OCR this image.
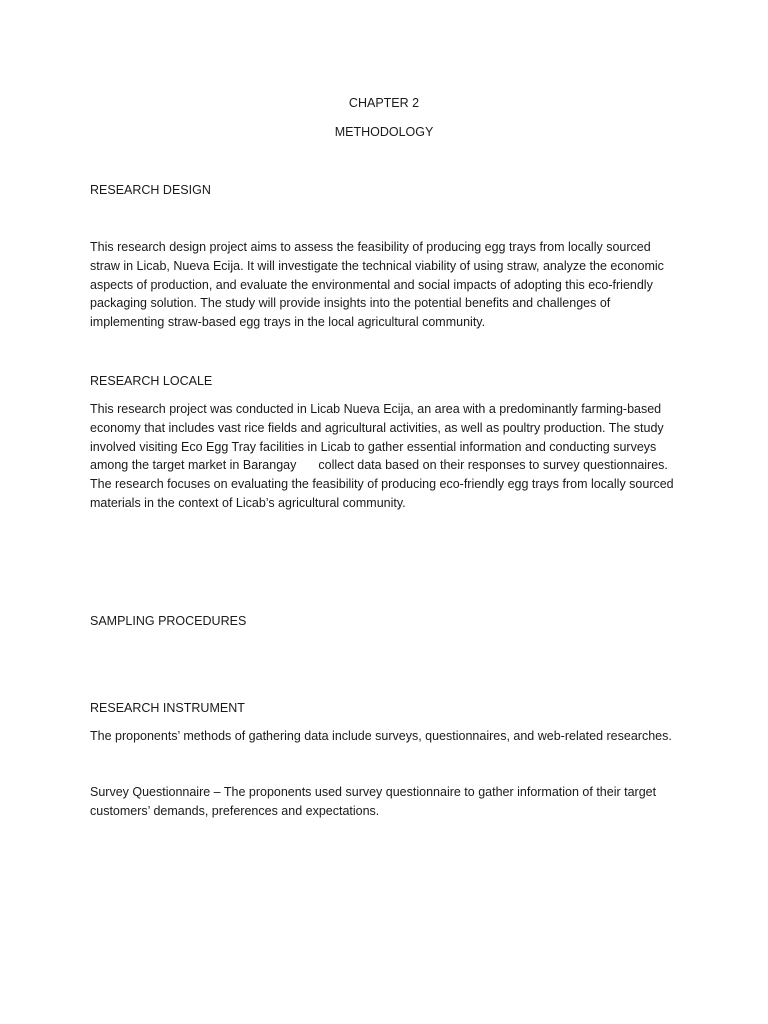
CHAPTER 2
METHODOLOGY
RESEARCH DESIGN

This research design project aims to assess the feasibility of producing egg trays from locally sourced straw in Licab, Nueva Ecija. It will investigate the technical viability of using straw, analyze the economic aspects of production, and evaluate the environmental and social impacts of adopting this eco-friendly packaging solution. The study will provide insights into the potential benefits and challenges of implementing straw-based egg trays in the local agricultural community.

RESEARCH LOCALE

This research project was conducted in Licab Nueva Ecija, an area with a predominantly farming-based economy that includes vast rice fields and agricultural activities, as well as poultry production. The study involved visiting Eco Egg Tray facilities in Licab to gather essential information and conducting surveys among the target market in Barangay collect data based on their responses to survey questionnaires. The research focuses on evaluating the feasibility of producing eco-friendly egg trays from locally sourced materials in the context of Licab’s agricultural community.

SAMPLING PROCEDURES
RESEARCH INSTRUMENT

The proponents’ methods of gathering data include surveys, questionnaires, and web-related researches.

Survey Questionnaire – The proponents used survey questionnaire to gather information of their target customers’ demands, preferences and expectations.
